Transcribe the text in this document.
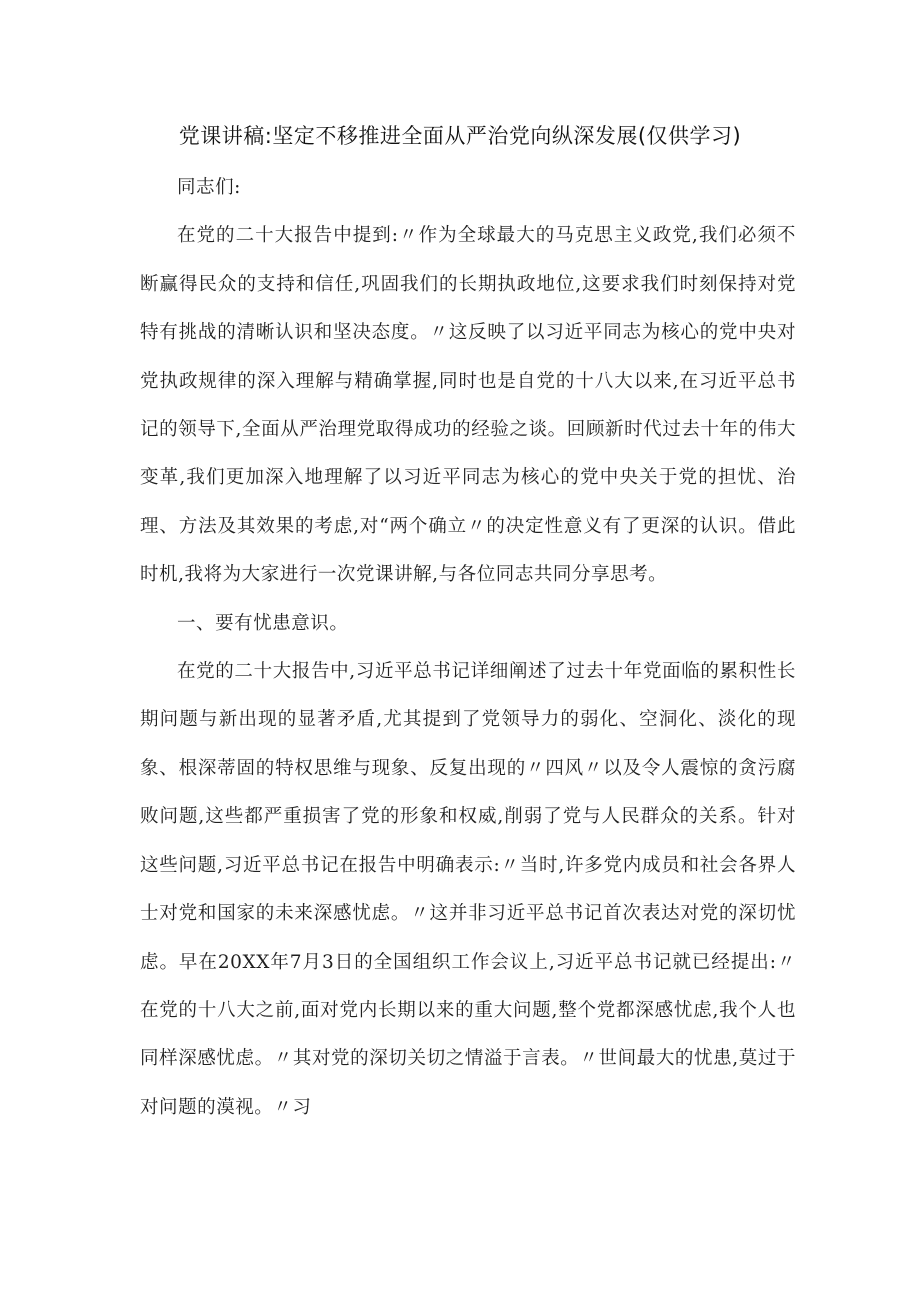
党课讲稿:坚定不移推进全面从严治党向纵深发展(仅供学习)

同志们:

在党的二十大报告中提到:〃作为全球最大的马克思主义政党,我们必须不断赢得民众的支持和信任,巩固我们的长期执政地位,这要求我们时刻保持对党特有挑战的清晰认识和坚决态度。〃这反映了以习近平同志为核心的党中央对党执政规律的深入理解与精确掌握,同时也是自党的十八大以来,在习近平总书记的领导下,全面从严治理党取得成功的经验之谈。回顾新时代过去十年的伟大变革,我们更加深入地理解了以习近平同志为核心的党中央关于党的担忧、治理、方法及其效果的考虑,对“两个确立〃的决定性意义有了更深的认识。借此时机,我将为大家进行一次党课讲解,与各位同志共同分享思考。

一、要有忧患意识。

在党的二十大报告中,习近平总书记详细阐述了过去十年党面临的累积性长期问题与新出现的显著矛盾,尤其提到了党领导力的弱化、空洞化、淡化的现象、根深蒂固的特权思维与现象、反复出现的〃四风〃以及令人震惊的贪污腐败问题,这些都严重损害了党的形象和权威,削弱了党与人民群众的关系。针对这些问题,习近平总书记在报告中明确表示:〃当时,许多党内成员和社会各界人士对党和国家的未来深感忧虑。〃这并非习近平总书记首次表达对党的深切忧虑。早在20XX年7月3日的全国组织工作会议上,习近平总书记就已经提出:〃在党的十八大之前,面对党内长期以来的重大问题,整个党都深感忧虑,我个人也同样深感忧虑。〃其对党的深切关切之情溢于言表。〃世间最大的忧患,莫过于对问题的漠视。〃习
